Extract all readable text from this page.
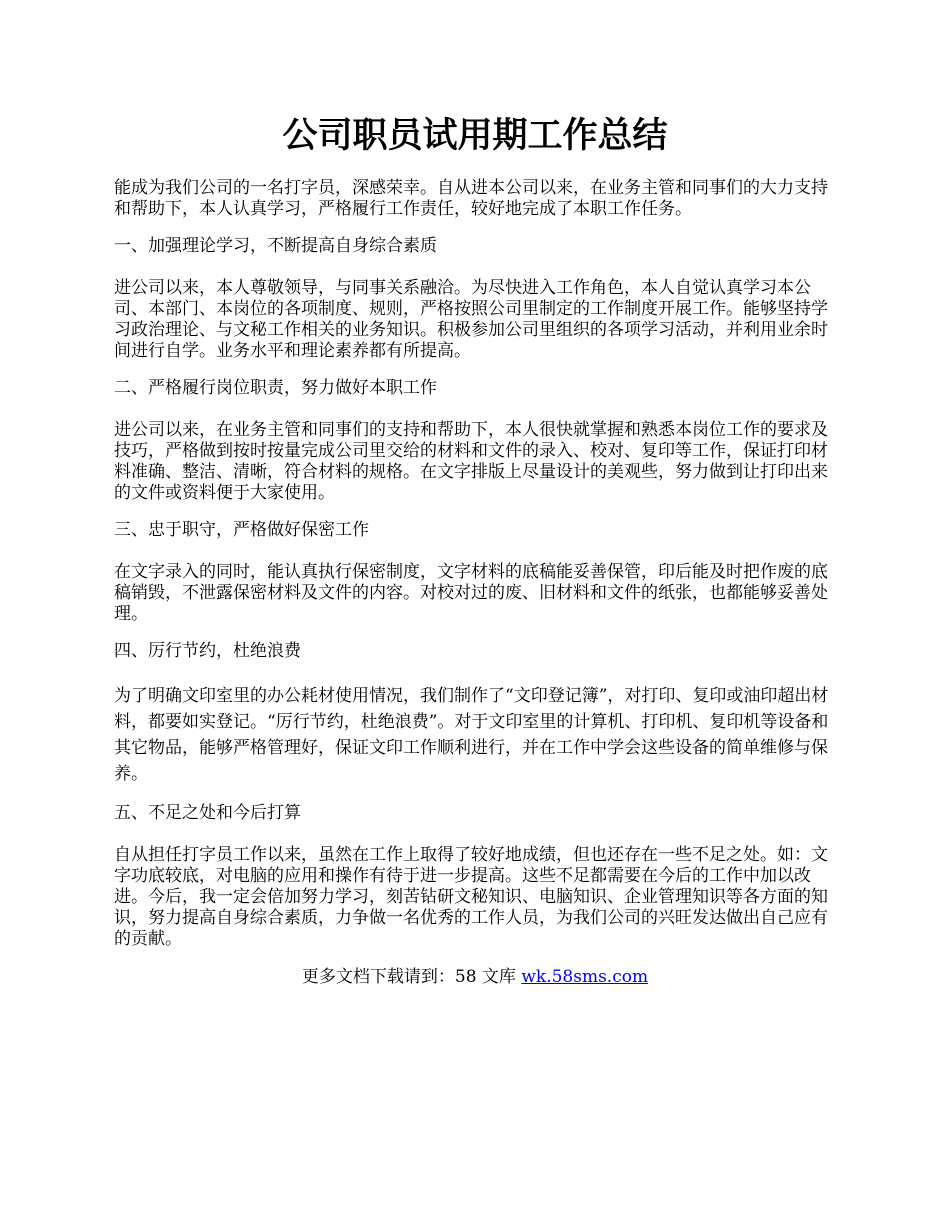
公司职员试用期工作总结

能成为我们公司的一名打字员，深感荣幸。自从进本公司以来，在业务主管和同事们的大力支持和帮助下，本人认真学习，严格履行工作责任，较好地完成了本职工作任务。

一、加强理论学习，不断提高自身综合素质

进公司以来，本人尊敬领导，与同事关系融洽。为尽快进入工作角色，本人自觉认真学习本公司、本部门、本岗位的各项制度、规则，严格按照公司里制定的工作制度开展工作。能够坚持学习政治理论、与文秘工作相关的业务知识。积极参加公司里组织的各项学习活动，并利用业余时间进行自学。业务水平和理论素养都有所提高。

二、严格履行岗位职责，努力做好本职工作

进公司以来，在业务主管和同事们的支持和帮助下，本人很快就掌握和熟悉本岗位工作的要求及技巧，严格做到按时按量完成公司里交给的材料和文件的录入、校对、复印等工作，保证打印材料准确、整洁、清晰，符合材料的规格。在文字排版上尽量设计的美观些，努力做到让打印出来的文件或资料便于大家使用。

三、忠于职守，严格做好保密工作

在文字录入的同时，能认真执行保密制度，文字材料的底稿能妥善保管，印后能及时把作废的底稿销毁，不泄露保密材料及文件的内容。对校对过的废、旧材料和文件的纸张，也都能够妥善处理。

四、厉行节约，杜绝浪费

为了明确文印室里的办公耗材使用情况，我们制作了“文印登记簿”，对打印、复印或油印超出材料，都要如实登记。“厉行节约，杜绝浪费”。对于文印室里的计算机、打印机、复印机等设备和其它物品，能够严格管理好，保证文印工作顺利进行，并在工作中学会这些设备的简单维修与保养。

五、不足之处和今后打算

自从担任打字员工作以来，虽然在工作上取得了较好地成绩，但也还存在一些不足之处。如：文字功底较底，对电脑的应用和操作有待于进一步提高。这些不足都需要在今后的工作中加以改进。今后，我一定会倍加努力学习，刻苦钻研文秘知识、电脑知识、企业管理知识等各方面的知识，努力提高自身综合素质，力争做一名优秀的工作人员，为我们公司的兴旺发达做出自己应有的贡献。

更多文档下载请到：58 文库 wk.58sms.com
